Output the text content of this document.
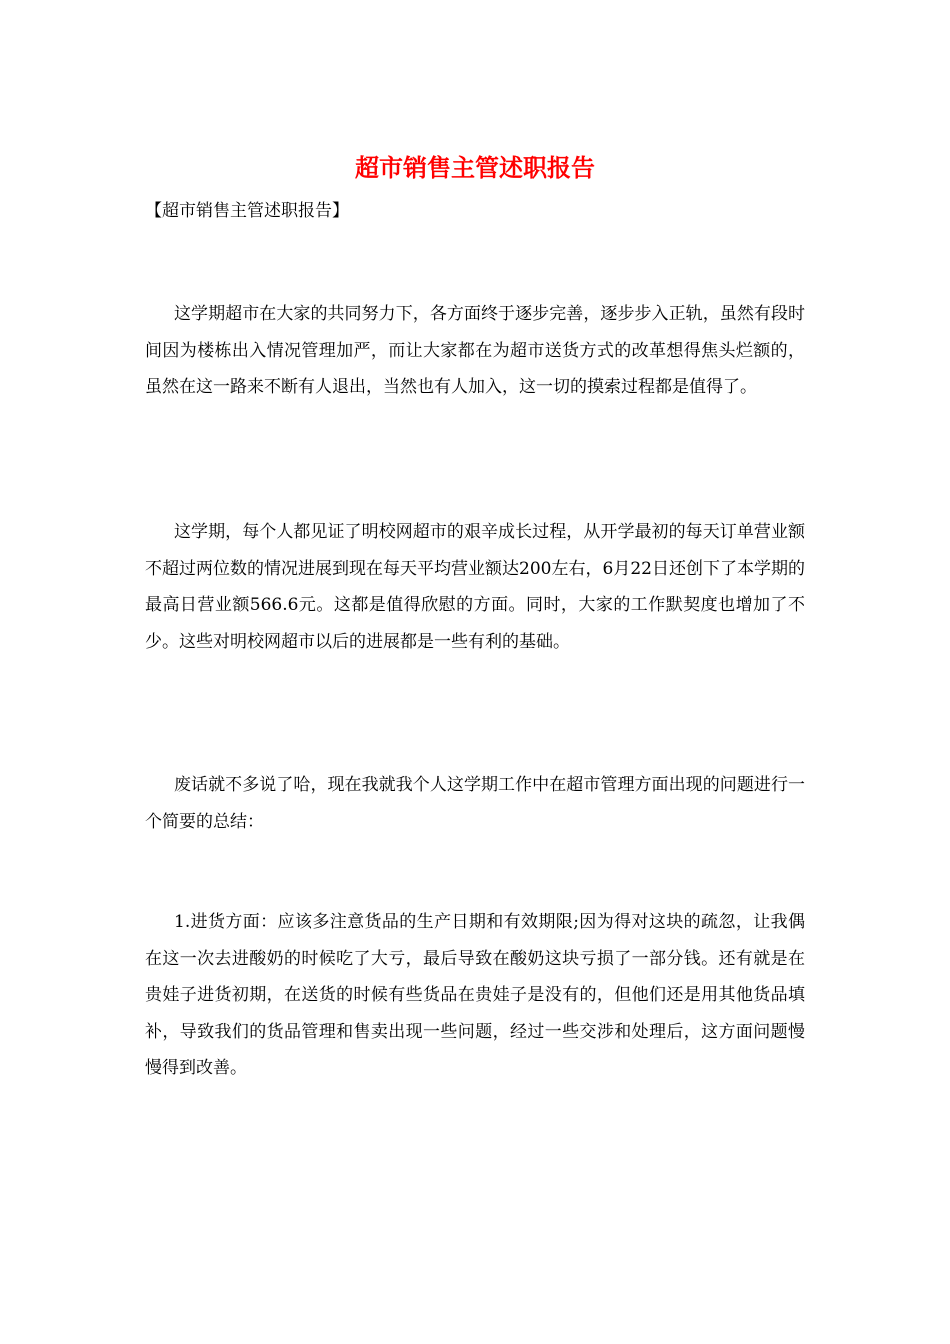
超市销售主管述职报告

【超市销售主管述职报告】

这学期超市在大家的共同努力下，各方面终于逐步完善，逐步步入正轨，虽然有段时间因为楼栋出入情况管理加严，而让大家都在为超市送货方式的改革想得焦头烂额的，虽然在这一路来不断有人退出，当然也有人加入，这一切的摸索过程都是值得了。

这学期，每个人都见证了明校网超市的艰辛成长过程，从开学最初的每天订单营业额不超过两位数的情况进展到现在每天平均营业额达200左右，6月22日还创下了本学期的最高日营业额566.6元。这都是值得欣慰的方面。同时，大家的工作默契度也增加了不少。这些对明校网超市以后的进展都是一些有利的基础。

废话就不多说了哈，现在我就我个人这学期工作中在超市管理方面出现的问题进行一个简要的总结：

1.进货方面：应该多注意货品的生产日期和有效期限;因为得对这块的疏忽，让我偶在这一次去进酸奶的时候吃了大亏，最后导致在酸奶这块亏损了一部分钱。还有就是在贵娃子进货初期，在送货的时候有些货品在贵娃子是没有的，但他们还是用其他货品填补，导致我们的货品管理和售卖出现一些问题，经过一些交涉和处理后，这方面问题慢慢得到改善。
